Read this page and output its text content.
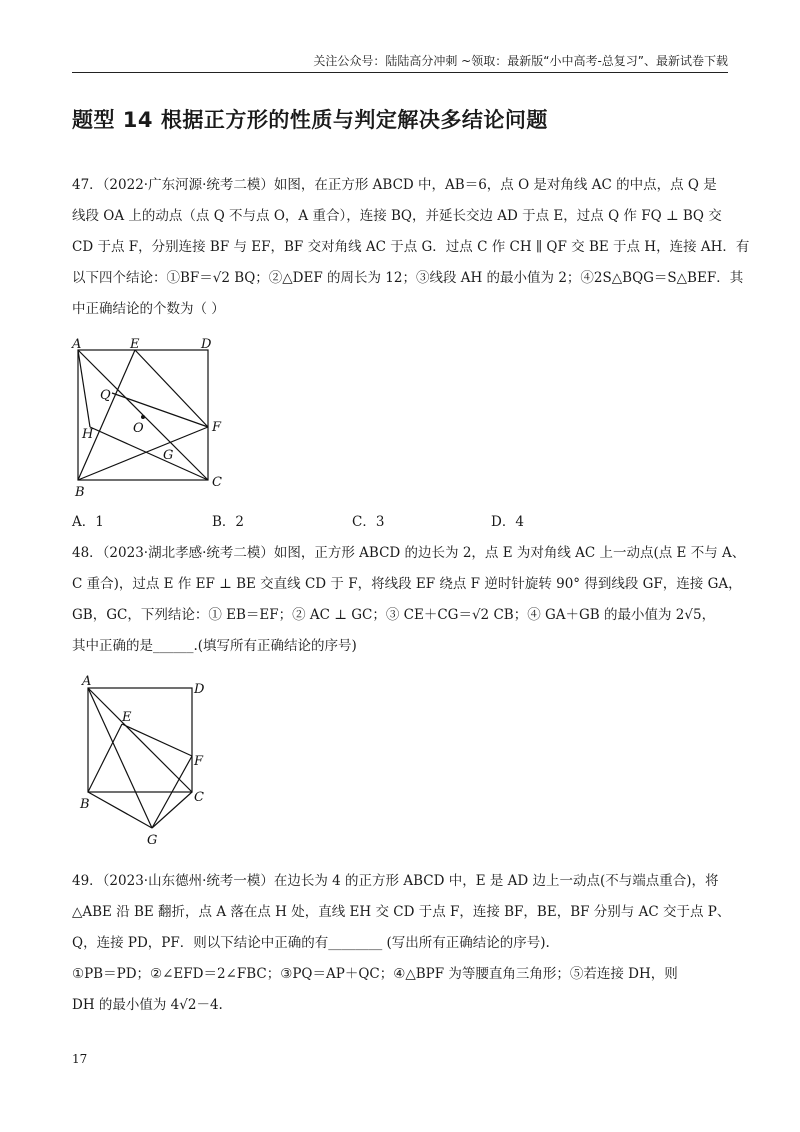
关注公众号：陆陆高分冲刺 ~领取：最新版“小中高考-总复习”、最新试卷下载
题型 14 根据正方形的性质与判定解决多结论问题
47．（2022·广东河源·统考二模）如图，在正方形 ABCD 中，AB＝6，点 O 是对角线 AC 的中点，点 Q 是
线段 OA 上的动点（点 Q 不与点 O，A 重合），连接 BQ，并延长交边 AD 于点 E，过点 Q 作 FQ ⊥ BQ 交
CD 于点 F，分别连接 BF 与 EF，BF 交对角线 AC 于点 G．过点 C 作 CH ∥ QF 交 BE 于点 H，连接 AH．有
以下四个结论：①BF＝√2 BQ；②△DEF 的周长为 12；③线段 AH 的最小值为 2；④2S△BQG＝S△BEF．其
中正确结论的个数为（ ）
A	E	D
Q
O
H	F
G
B
C
A．1	B．2	C．3	D．4
48．（2023·湖北孝感·统考二模）如图，正方形 ABCD 的边长为 2，点 E 为对角线 AC 上一动点(点 E 不与 A、
C 重合)，过点 E 作 EF ⊥ BE 交直线 CD 于 F，将线段 EF 绕点 F 逆时针旋转 90° 得到线段 GF，连接 GA，
GB，GC，下列结论：① EB＝EF；② AC ⊥ GC；③ CE＋CG＝√2 CB；④ GA＋GB 的最小值为 2√5，
其中正确的是______.(填写所有正确结论的序号)
A
D
E
F
B	C
G
49．（2023·山东德州·统考一模）在边长为 4 的正方形 ABCD 中，E 是 AD 边上一动点(不与端点重合)，将
△ABE 沿 BE 翻折，点 A 落在点 H 处，直线 EH 交 CD 于点 F，连接 BF，BE，BF 分别与 AC 交于点 P、
Q，连接 PD，PF．则以下结论中正确的有________ (写出所有正确结论的序号).
①PB＝PD；②∠EFD＝2∠FBC；③PQ＝AP＋QC；④△BPF 为等腰直角三角形；⑤若连接 DH，则
DH 的最小值为 4√2－4.
17
